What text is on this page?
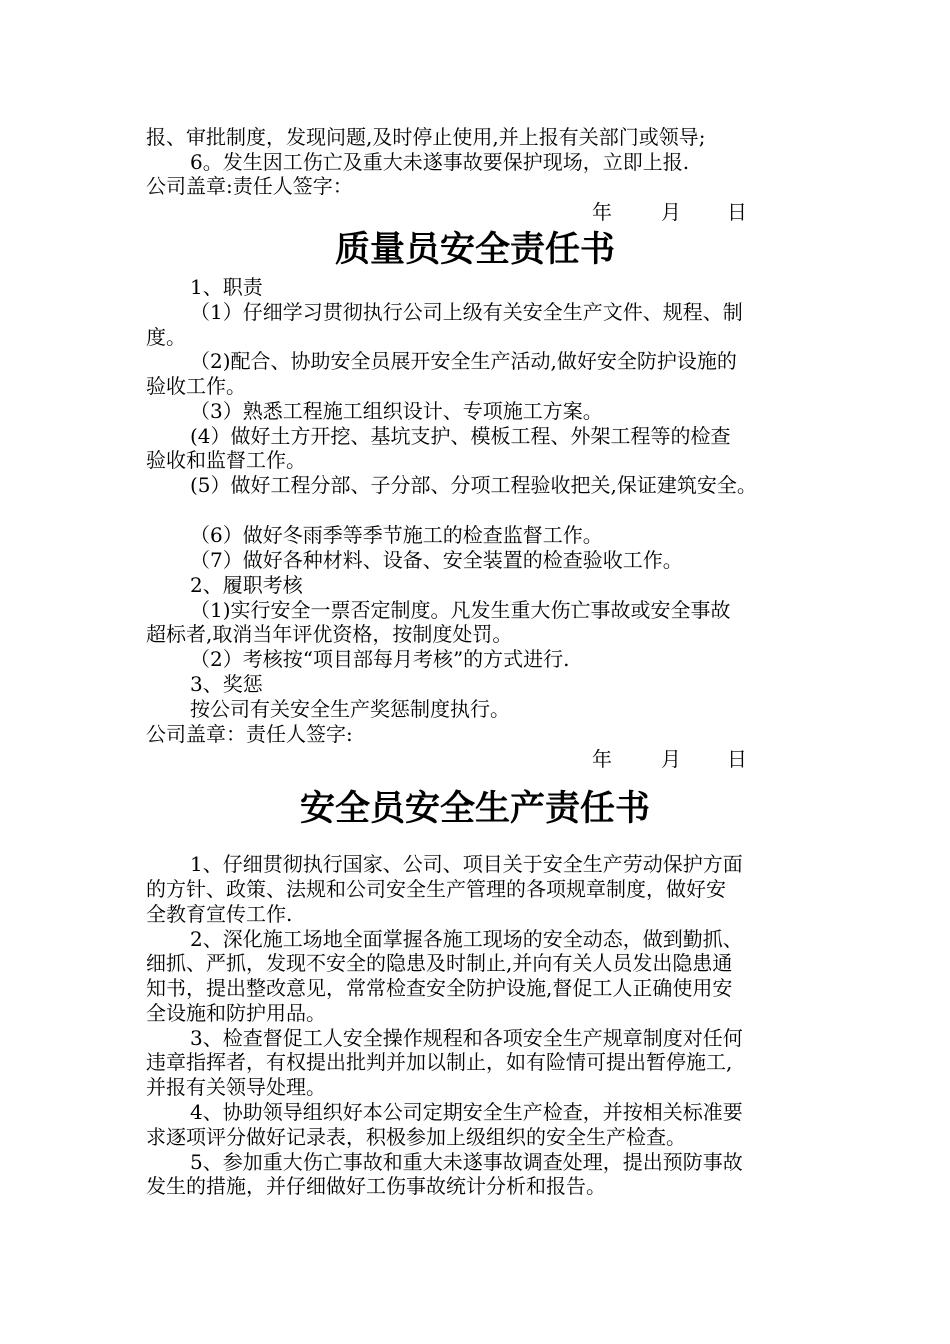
报、审批制度，发现问题,及时停止使用,并上报有关部门或领导;

6。发生因工伤亡及重大未遂事故要保护现场，立即上报.

公司盖章:责任人签字：

年 月 日
质量员安全责任书

1、职责

（1）仔细学习贯彻执行公司上级有关安全生产文件、规程、制

度。

（2)配合、协助安全员展开安全生产活动,做好安全防护设施的

验收工作。

（3）熟悉工程施工组织设计、专项施工方案。

(4）做好土方开挖、基坑支护、模板工程、外架工程等的检查

验收和监督工作。

(5）做好工程分部、子分部、分项工程验收把关,保证建筑安全。

（6）做好冬雨季等季节施工的检查监督工作。

（7）做好各种材料、设备、安全装置的检查验收工作。

2、履职考核

（1)实行安全一票否定制度。凡发生重大伤亡事故或安全事故

超标者,取消当年评优资格，按制度处罚。

（2）考核按“项目部每月考核”的方式进行.

3、奖惩

按公司有关安全生产奖惩制度执行。

公司盖章：责任人签字:

年 月 日
安全员安全生产责任书

1、仔细贯彻执行国家、公司、项目关于安全生产劳动保护方面

的方针、政策、法规和公司安全生产管理的各项规章制度，做好安

全教育宣传工作.

2、深化施工场地全面掌握各施工现场的安全动态，做到勤抓、

细抓、严抓，发现不安全的隐患及时制止,并向有关人员发出隐患通

知书，提出整改意见，常常检查安全防护设施,督促工人正确使用安

全设施和防护用品。

3、检查督促工人安全操作规程和各项安全生产规章制度对任何

违章指挥者，有权提出批判并加以制止，如有险情可提出暂停施工,

并报有关领导处理。

4、协助领导组织好本公司定期安全生产检查，并按相关标准要

求逐项评分做好记录表，积极参加上级组织的安全生产检查。

5、参加重大伤亡事故和重大未遂事故调查处理，提出预防事故

发生的措施，并仔细做好工伤事故统计分析和报告。
